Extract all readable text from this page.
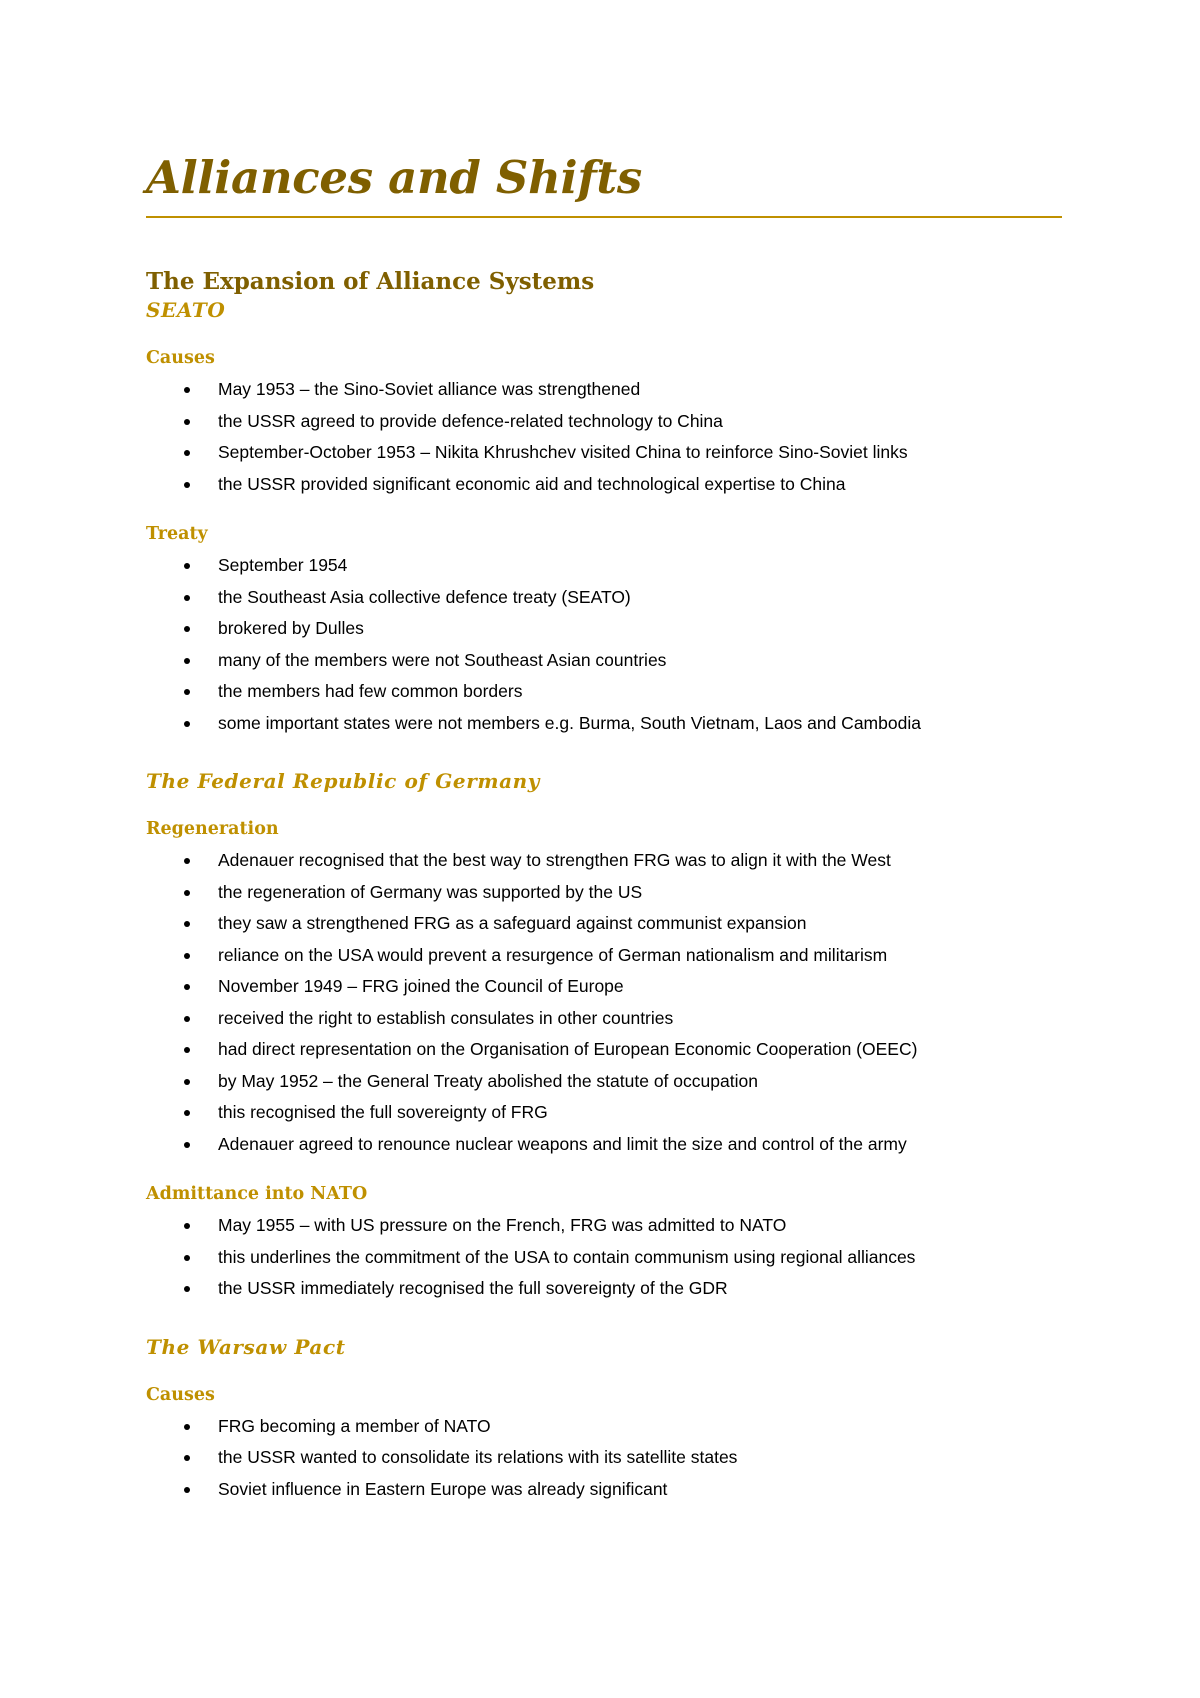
Alliances and Shifts
The Expansion of Alliance Systems
SEATO
Causes
May 1953 – the Sino-Soviet alliance was strengthened
the USSR agreed to provide defence-related technology to China
September-October 1953 – Nikita Khrushchev visited China to reinforce Sino-Soviet links
the USSR provided significant economic aid and technological expertise to China
Treaty
September 1954
the Southeast Asia collective defence treaty (SEATO)
brokered by Dulles
many of the members were not Southeast Asian countries
the members had few common borders
some important states were not members e.g. Burma, South Vietnam, Laos and Cambodia
The Federal Republic of Germany
Regeneration
Adenauer recognised that the best way to strengthen FRG was to align it with the West
the regeneration of Germany was supported by the US
they saw a strengthened FRG as a safeguard against communist expansion
reliance on the USA would prevent a resurgence of German nationalism and militarism
November 1949 – FRG joined the Council of Europe
received the right to establish consulates in other countries
had direct representation on the Organisation of European Economic Cooperation (OEEC)
by May 1952 – the General Treaty abolished the statute of occupation
this recognised the full sovereignty of FRG
Adenauer agreed to renounce nuclear weapons and limit the size and control of the army
Admittance into NATO
May 1955 – with US pressure on the French, FRG was admitted to NATO
this underlines the commitment of the USA to contain communism using regional alliances
the USSR immediately recognised the full sovereignty of the GDR
The Warsaw Pact
Causes
FRG becoming a member of NATO
the USSR wanted to consolidate its relations with its satellite states
Soviet influence in Eastern Europe was already significant
